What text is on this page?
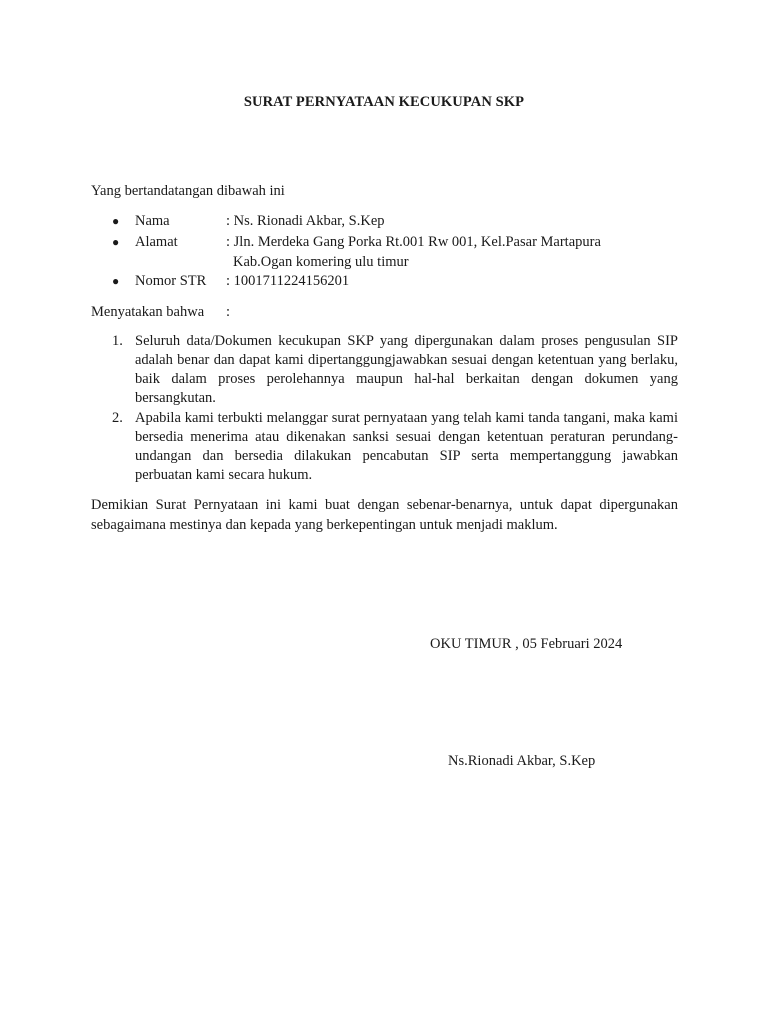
SURAT PERNYATAAN KECUKUPAN SKP
Yang bertandatangan dibawah ini
● Nama	: Ns. Rionadi Akbar, S.Kep
● Alamat	: Jln. Merdeka Gang Porka Rt.001 Rw 001, Kel.Pasar Martapura
Kab.Ogan komering ulu timur
● Nomor STR : 1001711224156201
Menyatakan bahwa :
1. Seluruh data/Dokumen kecukupan SKP yang dipergunakan dalam proses pengusulan SIP adalah benar dan dapat kami dipertanggungjawabkan sesuai dengan ketentuan yang berlaku, baik dalam proses perolehannya maupun hal-hal berkaitan dengan dokumen yang bersangkutan.
2. Apabila kami terbukti melanggar surat pernyataan yang telah kami tanda tangani, maka kami bersedia menerima atau dikenakan sanksi sesuai dengan ketentuan peraturan perundang-undangan dan bersedia dilakukan pencabutan SIP serta mempertanggung jawabkan perbuatan kami secara hukum.
Demikian Surat Pernyataan ini kami buat dengan sebenar-benarnya, untuk dapat dipergunakan sebagaimana mestinya dan kepada yang berkepentingan untuk menjadi maklum.
OKU TIMUR , 05 Februari 2024
Ns.Rionadi Akbar, S.Kep
